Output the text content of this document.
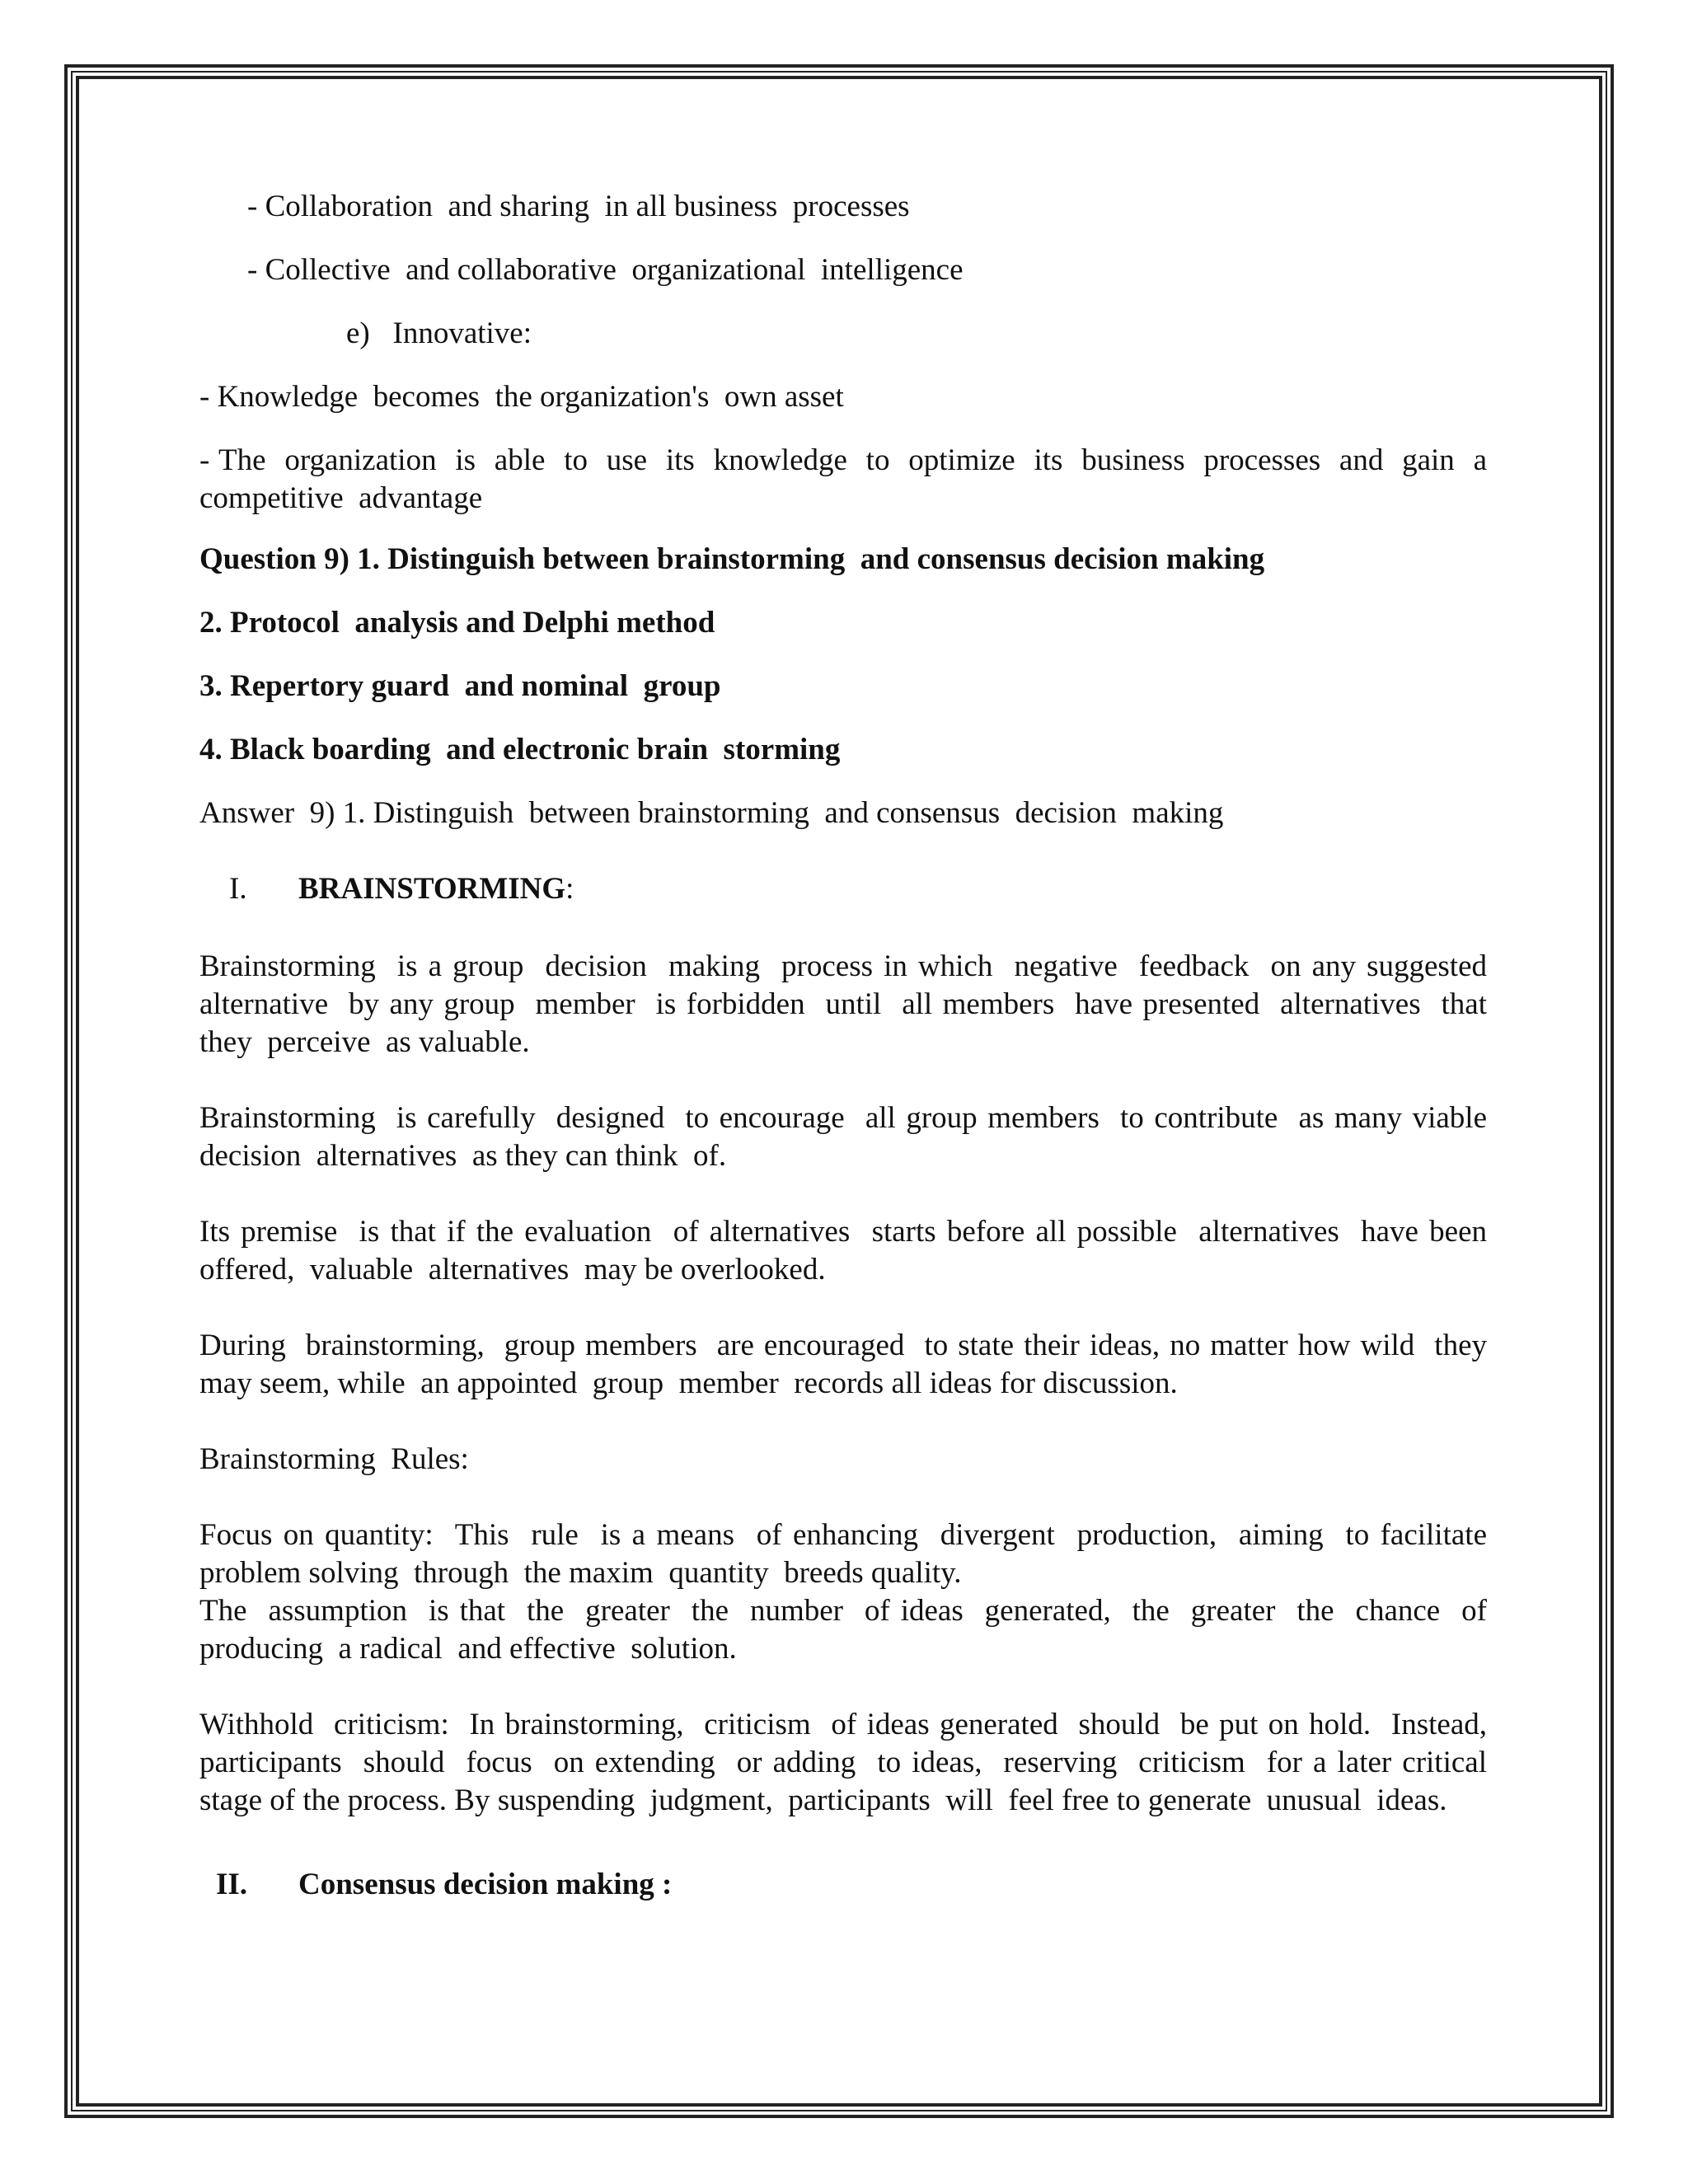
- Collaboration  and sharing  in all business  processes

- Collective  and collaborative  organizational  intelligence

e)   Innovative:

- Knowledge  becomes  the organization's  own asset

- The  organization  is  able  to  use  its  knowledge  to  optimize  its  business  processes  and  gain  a competitive  advantage

Question 9) 1. Distinguish between brainstorming  and consensus decision making

2. Protocol  analysis and Delphi method

3. Repertory guard  and nominal  group

4. Black boarding  and electronic brain  storming

Answer  9) 1. Distinguish  between brainstorming  and consensus  decision  making

I.	BRAINSTORMING:

Brainstorming  is a group  decision  making  process in which  negative  feedback  on any suggested alternative  by any group  member  is forbidden  until  all members  have presented  alternatives  that they  perceive  as valuable.

Brainstorming  is carefully  designed  to encourage  all group members  to contribute  as many viable decision  alternatives  as they can think  of.

Its premise  is that if the evaluation  of alternatives  starts before all possible  alternatives  have been offered,  valuable  alternatives  may be overlooked.

During  brainstorming,  group members  are encouraged  to state their ideas, no matter how wild  they may seem, while  an appointed  group  member  records all ideas for discussion.

Brainstorming  Rules:

Focus on quantity:  This  rule  is a means  of enhancing  divergent  production,  aiming  to facilitate problem solving  through  the maxim  quantity  breeds quality.

The  assumption  is that  the  greater  the  number  of ideas  generated,  the  greater  the  chance  of producing  a radical  and effective  solution.

Withhold  criticism:  In brainstorming,  criticism  of ideas generated  should  be put on hold.  Instead, participants  should  focus  on extending  or adding  to ideas,  reserving  criticism  for a later critical stage of the process. By suspending  judgment,  participants  will  feel free to generate  unusual  ideas.

II.	Consensus decision making :
